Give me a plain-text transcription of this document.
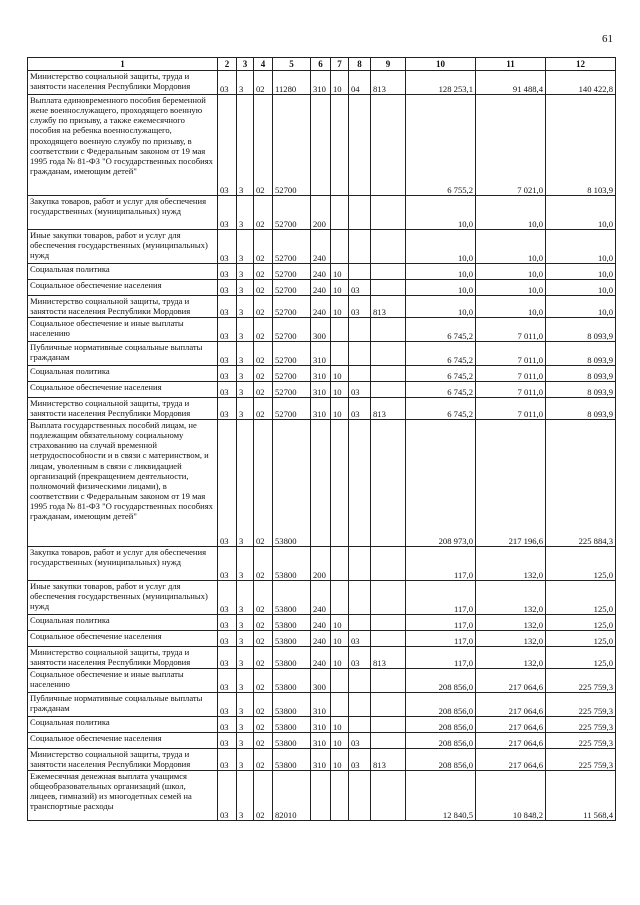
61
1	2	3	4	5	6	7	8	9	10	11	12

Министерство социальной защиты, труда и занятости населения Республики Мордовия	03	3	02	11280	310	10	04	813	128 253,1	91 488,4	140 422,8

Выплата единовременного пособия беременной жене военнослужащего, проходящего военную службу по призыву, а также ежемесячного пособия на ребенка военнослужащего, проходящего военную службу по призыву, в соответствии с Федеральным законом от 19 мая 1995 года № 81-ФЗ "О государственных пособиях гражданам, имеющим детей"	03	3	02	52700					6 755,2	7 021,0	8 103,9

Закупка товаров, работ и услуг для обеспечения государственных (муниципальных) нужд	03	3	02	52700	200				10,0	10,0	10,0

Иные закупки товаров, работ и услуг для обеспечения государственных (муниципальных) нужд	03	3	02	52700	240				10,0	10,0	10,0

Социальная политика	03	3	02	52700	240	10			10,0	10,0	10,0

Социальное обеспечение населения	03	3	02	52700	240	10	03		10,0	10,0	10,0

Министерство социальной защиты, труда и занятости населения Республики Мордовия	03	3	02	52700	240	10	03	813	10,0	10,0	10,0

Социальное обеспечение и иные выплаты населению	03	3	02	52700	300				6 745,2	7 011,0	8 093,9

Публичные нормативные социальные выплаты гражданам	03	3	02	52700	310				6 745,2	7 011,0	8 093,9

Социальная политика	03	3	02	52700	310	10			6 745,2	7 011,0	8 093,9

Социальное обеспечение населения	03	3	02	52700	310	10	03		6 745,2	7 011,0	8 093,9

Министерство социальной защиты, труда и занятости населения Республики Мордовия	03	3	02	52700	310	10	03	813	6 745,2	7 011,0	8 093,9

Выплата государственных пособий лицам, не подлежащим обязательному социальному страхованию на случай временной нетрудоспособности и в связи с материнством, и лицам, уволенным в связи с ликвидацией организаций (прекращением деятельности, полномочий физическими лицами), в соответствии с Федеральным законом от 19 мая 1995 года № 81-ФЗ "О государственных пособиях гражданам, имеющим детей"	03	3	02	53800					208 973,0	217 196,6	225 884,3

Закупка товаров, работ и услуг для обеспечения государственных (муниципальных) нужд	03	3	02	53800	200				117,0	132,0	125,0

Иные закупки товаров, работ и услуг для обеспечения государственных (муниципальных) нужд	03	3	02	53800	240				117,0	132,0	125,0

Социальная политика	03	3	02	53800	240	10			117,0	132,0	125,0

Социальное обеспечение населения	03	3	02	53800	240	10	03		117,0	132,0	125,0

Министерство социальной защиты, труда и занятости населения Республики Мордовия	03	3	02	53800	240	10	03	813	117,0	132,0	125,0

Социальное обеспечение и иные выплаты населению	03	3	02	53800	300				208 856,0	217 064,6	225 759,3

Публичные нормативные социальные выплаты гражданам	03	3	02	53800	310				208 856,0	217 064,6	225 759,3

Социальная политика	03	3	02	53800	310	10			208 856,0	217 064,6	225 759,3

Социальное обеспечение населения	03	3	02	53800	310	10	03		208 856,0	217 064,6	225 759,3

Министерство социальной защиты, труда и занятости населения Республики Мордовия	03	3	02	53800	310	10	03	813	208 856,0	217 064,6	225 759,3

Ежемесячная денежная выплата учащимся общеобразовательных организаций (школ, лицеев, гимназий) из многодетных семей на транспортные расходы	03	3	02	82010					12 840,5	10 848,2	11 568,4
